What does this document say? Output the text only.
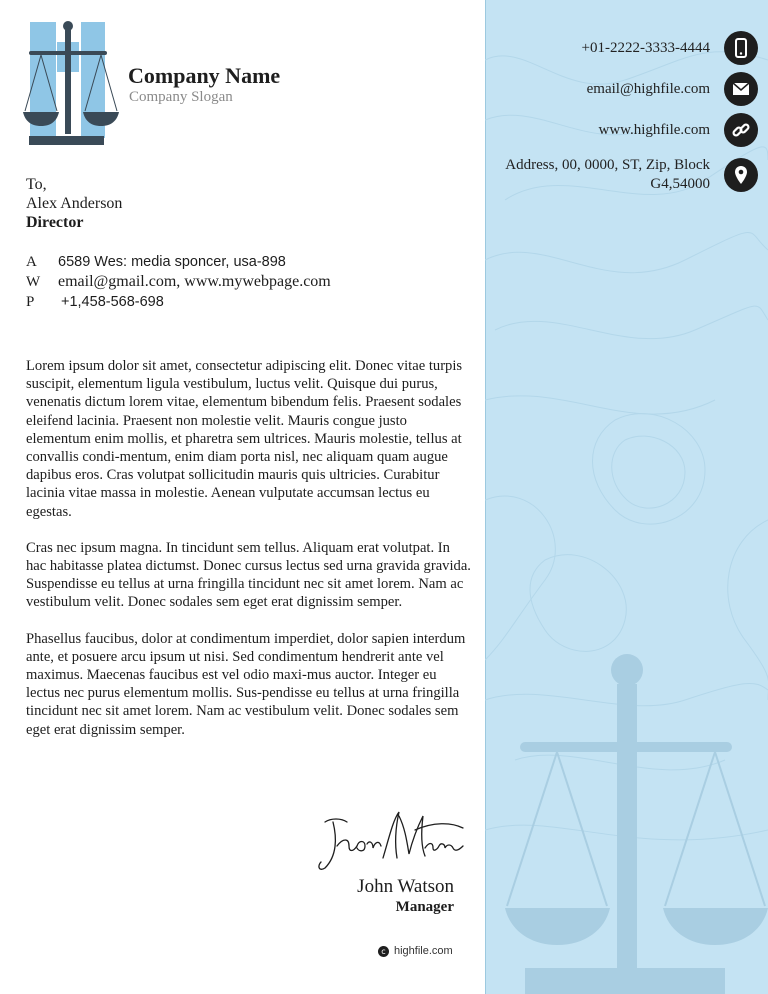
+01-2222-3333-4444
email@highfile.com
www.highfile.com
Address, 00, 0000, ST, Zip, Block
G4,54000
Company Name
Company Slogan
To,
Alex Anderson
Director
A	6589 Wes: media sponcer, usa-898
W	email@gmail.com, www.mywebpage.com
P	+1,458-568-698

Lorem ipsum dolor sit amet, consectetur adipiscing elit. Donec vitae turpis suscipit, elementum ligula vestibulum, luctus velit. Quisque dui purus, venenatis dictum lorem vitae, elementum bibendum felis. Praesent sodales eleifend lacinia. Praesent non molestie velit. Mauris congue justo elementum enim mollis, et pharetra sem ultrices. Mauris molestie, tellus at convallis condi-mentum, enim diam porta nisl, nec aliquam quam augue dapibus eros. Cras volutpat sollicitudin mauris quis ultricies. Curabitur lacinia vitae massa in molestie. Aenean vulputate accumsan lectus eu egestas.

Cras nec ipsum magna. In tincidunt sem tellus. Aliquam erat volutpat. In hac habitasse platea dictumst. Donec cursus lectus sed urna gravida gravida. Suspendisse eu tellus at urna fringilla tincidunt nec sit amet lorem. Nam ac vestibulum velit. Donec sodales sem eget erat dignissim semper.

Phasellus faucibus, dolor at condimentum imperdiet, dolor sapien interdum ante, et posuere arcu ipsum ut nisi. Sed condimentum hendrerit ante vel maximus. Maecenas faucibus est vel odio maxi-mus auctor. Integer eu lectus nec purus elementum mollis. Sus-pendisse eu tellus at urna fringilla tincidunt nec sit amet lorem. Nam ac vestibulum velit. Donec sodales sem eget erat dignissim semper.

John Watson
Manager
c highfile.com
